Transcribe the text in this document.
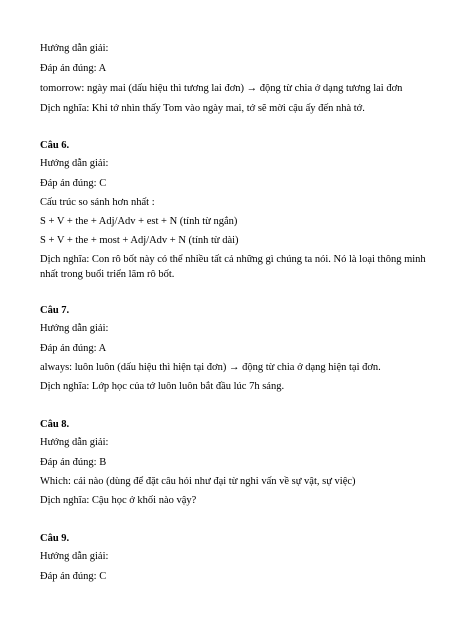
Hướng dẫn giải:
Đáp án đúng: A
tomorrow: ngày mai (dấu hiệu thì tương lai đơn) → động từ chia ở dạng tương lai đơn
Dịch nghĩa: Khi tớ nhìn thấy Tom vào ngày mai, tớ sẽ mời cậu ấy đến nhà tớ.
Câu 6.
Hướng dẫn giải:
Đáp án đúng: C
Cấu trúc so sánh hơn nhất :
S + V + the + Adj/Adv + est + N (tính từ ngắn)
S + V + the + most + Adj/Adv + N (tính từ dài)
Dịch nghĩa: Con rô bốt này có thể nhiều tất cả những gì chúng ta nói. Nó là loại thông minh
nhất trong buổi triển lãm rô bốt.
Câu 7.
Hướng dẫn giải:
Đáp án đúng: A
always: luôn luôn (dấu hiệu thì hiện tại đơn) → động từ chia ở dạng hiện tại đơn.
Dịch nghĩa: Lớp học của tớ luôn luôn bắt đầu lúc 7h sáng.
Câu 8.
Hướng dẫn giải:
Đáp án đúng: B
Which: cái nào (dùng để đặt câu hỏi như đại từ nghi vấn về sự vật, sự việc)
Dịch nghĩa: Cậu học ở khối nào vậy?
Câu 9.
Hướng dẫn giải:
Đáp án đúng: C
